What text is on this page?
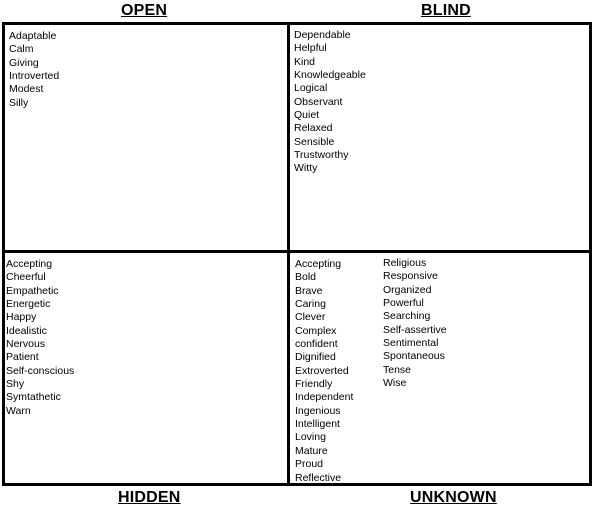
OPEN	BLIND
Adaptable
Calm
Giving
Introverted
Modest
Silly
Dependable
Helpful
Kind
Knowledgeable
Logical
Observant
Quiet
Relaxed
Sensible
Trustworthy
Witty
Accepting
Cheerful
Empathetic
Energetic
Happy
Idealistic
Nervous
Patient
Self-conscious
Shy
Symtathetic
Warn
Accepting
Bold
Brave
Caring
Clever
Complex
confident
Dignified
Extroverted
Friendly
Independent
Ingenious
Intelligent
Loving
Mature
Proud
Reflective
Religious
Responsive
Organized
Powerful
Searching
Self-assertive
Sentimental
Spontaneous
Tense
Wise
HIDDEN	UNKNOWN
